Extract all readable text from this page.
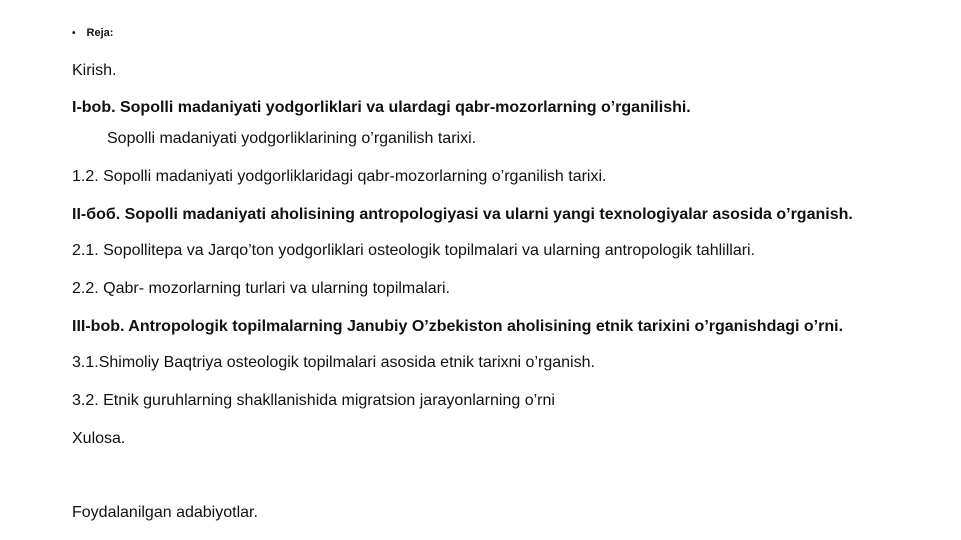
• Reja:
Kirish.
I-bob. Sopolli madaniyati yodgorliklari va ulardagi qabr-mozorlarning o’rganilishi.
Sopolli madaniyati yodgorliklarining o’rganilish tarixi.
1.2. Sopolli madaniyati yodgorliklaridagi qabr-mozorlarning o’rganilish tarixi.
II-боб. Sopolli madaniyati aholisining antropologiyasi va ularni yangi texnologiyalar asosida o’rganish.
2.1. Sopollitepa va Jarqo’ton yodgorliklari osteologik topilmalari va ularning antropologik tahlillari.
2.2. Qabr- mozorlarning turlari va ularning topilmalari.
III-bob. Antropologik topilmalarning Janubiy O’zbekiston aholisining etnik tarixini o’rganishdagi o’rni.
3.1.Shimoliy Baqtriya osteologik topilmalari asosida etnik tarixni o’rganish.
3.2. Etnik guruhlarning shakllanishida migratsion jarayonlarning o’rni
Xulosa.
Foydalanilgan adabiyotlar.
